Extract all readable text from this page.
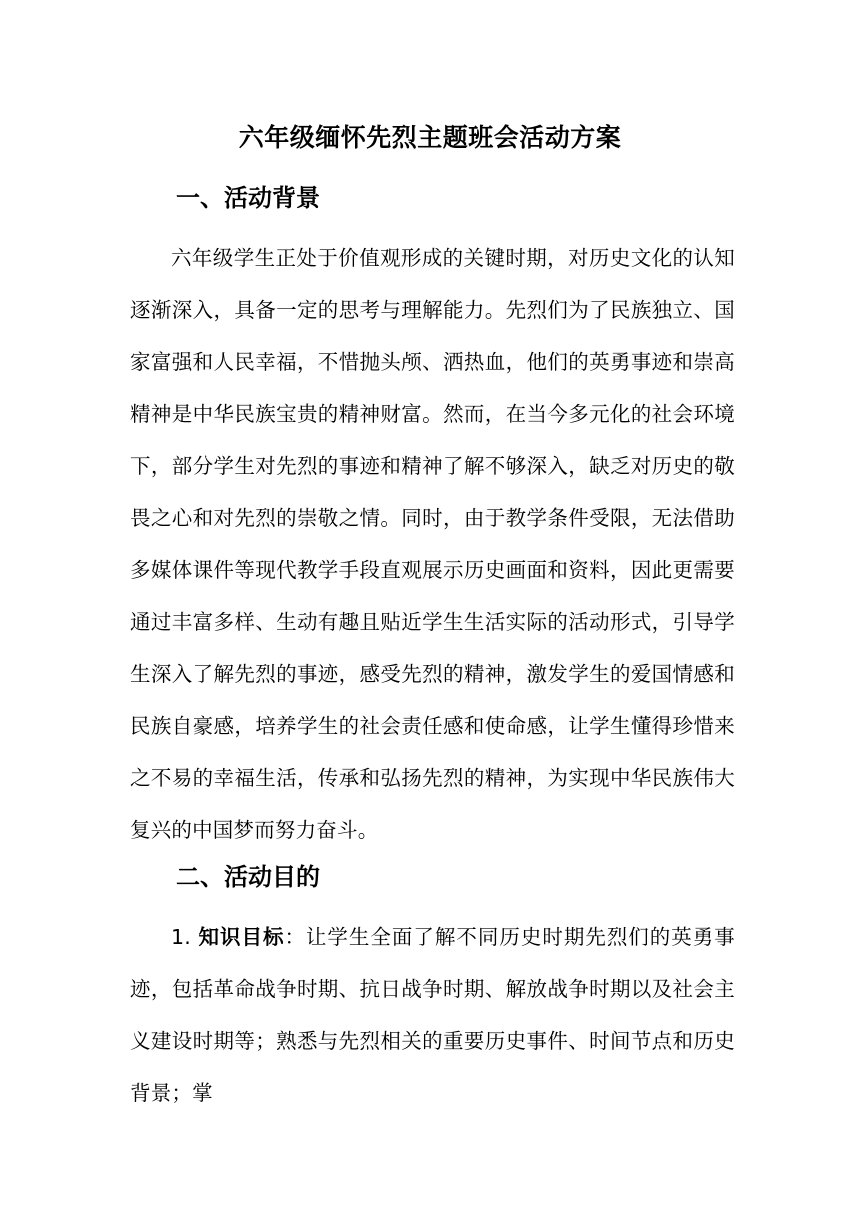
六年级缅怀先烈主题班会活动方案
一、活动背景

六年级学生正处于价值观形成的关键时期，对历史文化的认知逐渐深入，具备一定的思考与理解能力。先烈们为了民族独立、国家富强和人民幸福，不惜抛头颅、洒热血，他们的英勇事迹和崇高精神是中华民族宝贵的精神财富。然而，在当今多元化的社会环境下，部分学生对先烈的事迹和精神了解不够深入，缺乏对历史的敬畏之心和对先烈的崇敬之情。同时，由于教学条件受限，无法借助多媒体课件等现代教学手段直观展示历史画面和资料，因此更需要通过丰富多样、生动有趣且贴近学生生活实际的活动形式，引导学生深入了解先烈的事迹，感受先烈的精神，激发学生的爱国情感和民族自豪感，培养学生的社会责任感和使命感，让学生懂得珍惜来之不易的幸福生活，传承和弘扬先烈的精神，为实现中华民族伟大复兴的中国梦而努力奋斗。

二、活动目的

1. 知识目标：让学生全面了解不同历史时期先烈们的英勇事迹，包括革命战争时期、抗日战争时期、解放战争时期以及社会主义建设时期等；熟悉与先烈相关的重要历史事件、时间节点和历史背景；掌
